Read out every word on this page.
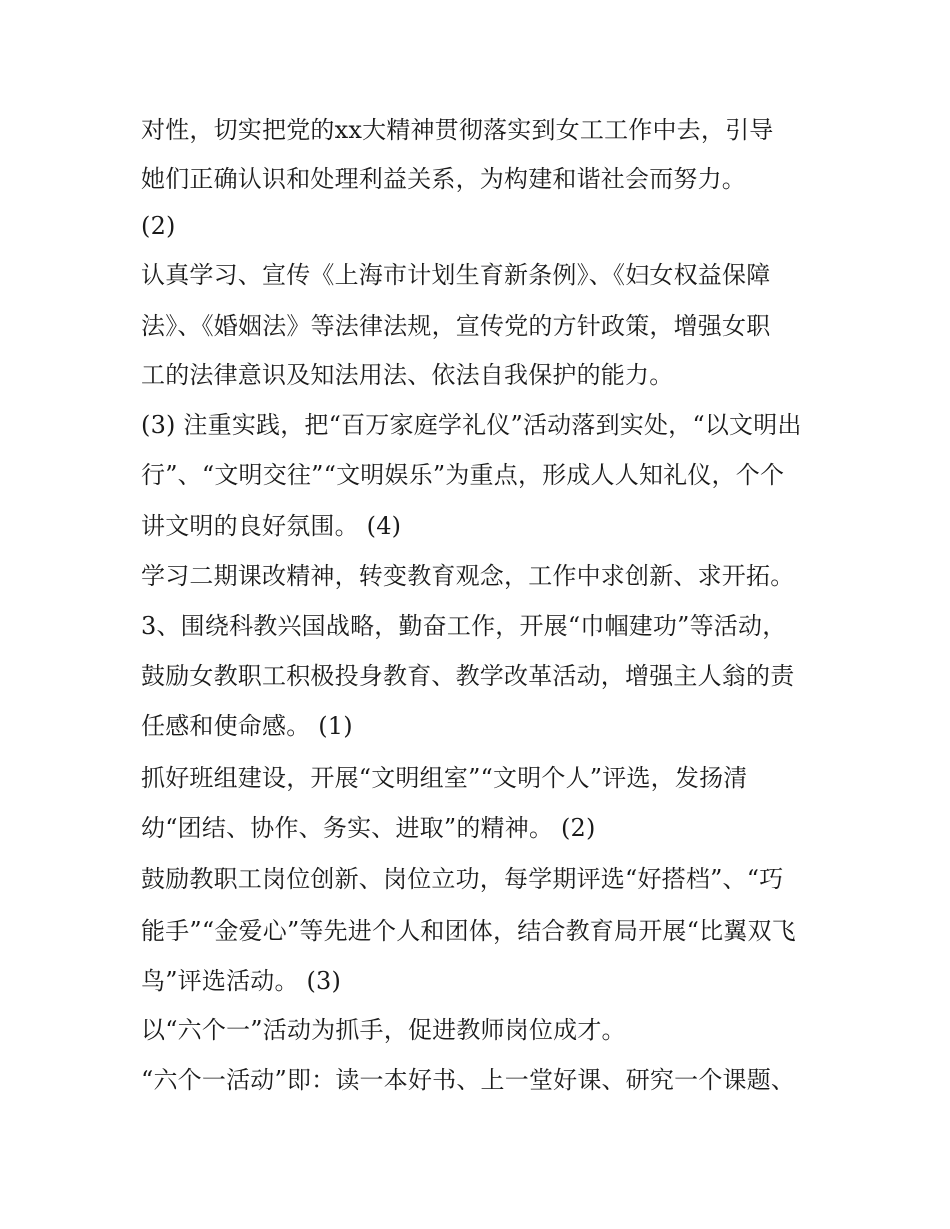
对性，切实把党的xx大精神贯彻落实到女工工作中去，引导

她们正确认识和处理利益关系，为构建和谐社会而努力。

(2)

认真学习、宣传《上海市计划生育新条例》、《妇女权益保障

法》、《婚姻法》等法律法规，宣传党的方针政策，增强女职

工的法律意识及知法用法、依法自我保护的能力。

(3) 注重实践，把“百万家庭学礼仪”活动落到实处，“以文明出

行”、“文明交往”“文明娱乐”为重点，形成人人知礼仪，个个

讲文明的良好氛围。 (4)

学习二期课改精神，转变教育观念，工作中求创新、求开拓。

3、围绕科教兴国战略，勤奋工作，开展“巾帼建功”等活动，

鼓励女教职工积极投身教育、教学改革活动，增强主人翁的责

任感和使命感。 (1)

抓好班组建设，开展“文明组室”“文明个人”评选，发扬清

幼“团结、协作、务实、进取”的精神。 (2)

鼓励教职工岗位创新、岗位立功，每学期评选“好搭档”、“巧

能手”“金爱心”等先进个人和团体，结合教育局开展“比翼双飞

鸟”评选活动。 (3)

以“六个一”活动为抓手，促进教师岗位成才。

“六个一活动”即：读一本好书、上一堂好课、研究一个课题、
